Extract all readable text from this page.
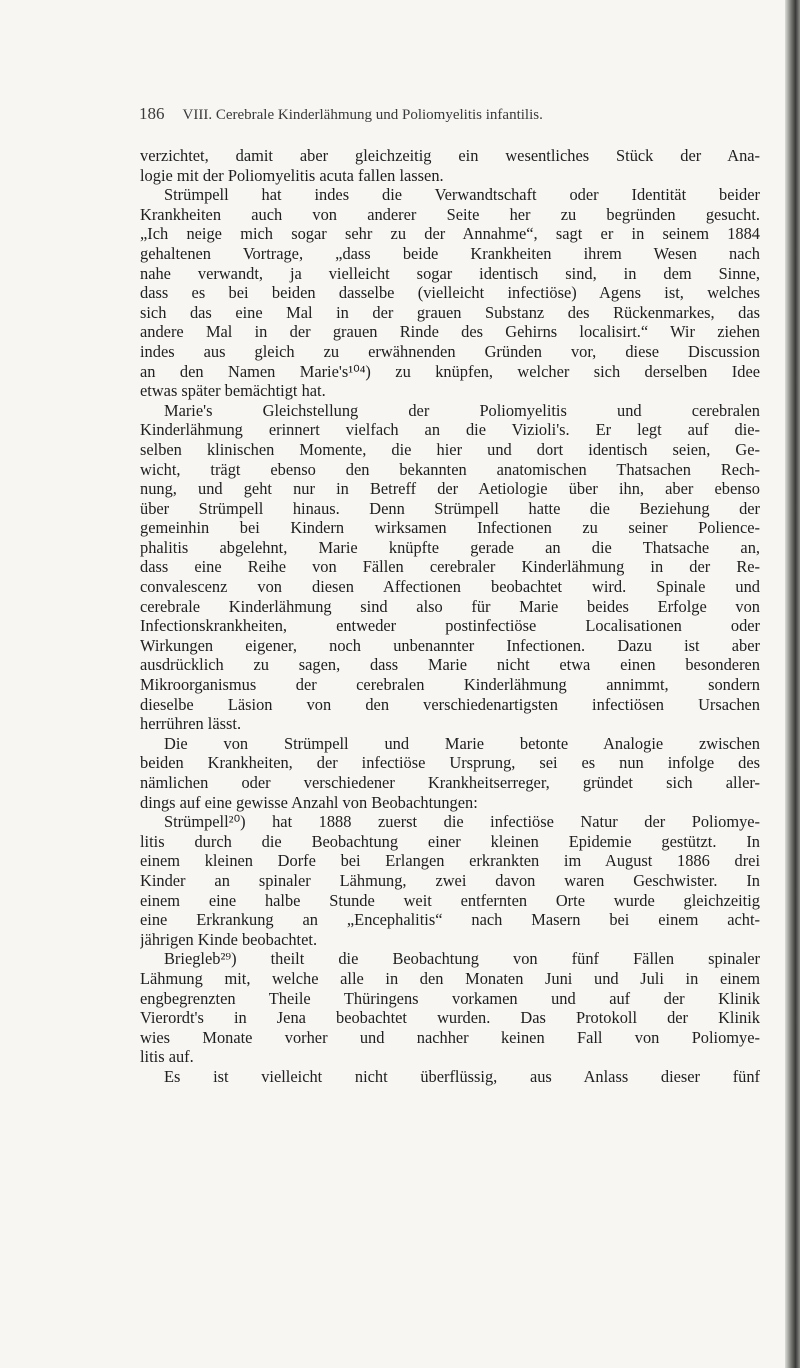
186 VIII. Cerebrale Kinderlähmung und Poliomyelitis infantilis.
verzichtet, damit aber gleichzeitig ein wesentliches Stück der Ana-
logie mit der Poliomyelitis acuta fallen lassen.
Strümpell hat indes die Verwandtschaft oder Identität beider
Krankheiten auch von anderer Seite her zu begründen gesucht.
„Ich neige mich sogar sehr zu der Annahme“, sagt er in seinem 1884
gehaltenen Vortrage, „dass beide Krankheiten ihrem Wesen nach
nahe verwandt, ja vielleicht sogar identisch sind, in dem Sinne,
dass es bei beiden dasselbe (vielleicht infectiöse) Agens ist, welches
sich das eine Mal in der grauen Substanz des Rückenmarkes, das
andere Mal in der grauen Rinde des Gehirns localisirt.“ Wir ziehen
indes aus gleich zu erwähnenden Gründen vor, diese Discussion
an den Namen Marie's¹⁰⁴) zu knüpfen, welcher sich derselben Idee
etwas später bemächtigt hat.
Marie's Gleichstellung der Poliomyelitis und cerebralen
Kinderlähmung erinnert vielfach an die Vizioli's. Er legt auf die-
selben klinischen Momente, die hier und dort identisch seien, Ge-
wicht, trägt ebenso den bekannten anatomischen Thatsachen Rech-
nung, und geht nur in Betreff der Aetiologie über ihn, aber ebenso
über Strümpell hinaus. Denn Strümpell hatte die Beziehung der
gemeinhin bei Kindern wirksamen Infectionen zu seiner Polience-
phalitis abgelehnt, Marie knüpfte gerade an die Thatsache an,
dass eine Reihe von Fällen cerebraler Kinderlähmung in der Re-
convalescenz von diesen Affectionen beobachtet wird. Spinale und
cerebrale Kinderlähmung sind also für Marie beides Erfolge von
Infectionskrankheiten, entweder postinfectiöse Localisationen oder
Wirkungen eigener, noch unbenannter Infectionen. Dazu ist aber
ausdrücklich zu sagen, dass Marie nicht etwa einen besonderen
Mikroorganismus der cerebralen Kinderlähmung annimmt, sondern
dieselbe Läsion von den verschiedenartigsten infectiösen Ursachen
herrühren lässt.
Die von Strümpell und Marie betonte Analogie zwischen
beiden Krankheiten, der infectiöse Ursprung, sei es nun infolge des
nämlichen oder verschiedener Krankheitserreger, gründet sich aller-
dings auf eine gewisse Anzahl von Beobachtungen:
Strümpell²⁰) hat 1888 zuerst die infectiöse Natur der Poliomye-
litis durch die Beobachtung einer kleinen Epidemie gestützt. In
einem kleinen Dorfe bei Erlangen erkrankten im August 1886 drei
Kinder an spinaler Lähmung, zwei davon waren Geschwister. In
einem eine halbe Stunde weit entfernten Orte wurde gleichzeitig
eine Erkrankung an „Encephalitis“ nach Masern bei einem acht-
jährigen Kinde beobachtet.
Briegleb²⁹) theilt die Beobachtung von fünf Fällen spinaler
Lähmung mit, welche alle in den Monaten Juni und Juli in einem
engbegrenzten Theile Thüringens vorkamen und auf der Klinik
Vierordt's in Jena beobachtet wurden. Das Protokoll der Klinik
wies Monate vorher und nachher keinen Fall von Poliomye-
litis auf.
Es ist vielleicht nicht überflüssig, aus Anlass dieser fünf
